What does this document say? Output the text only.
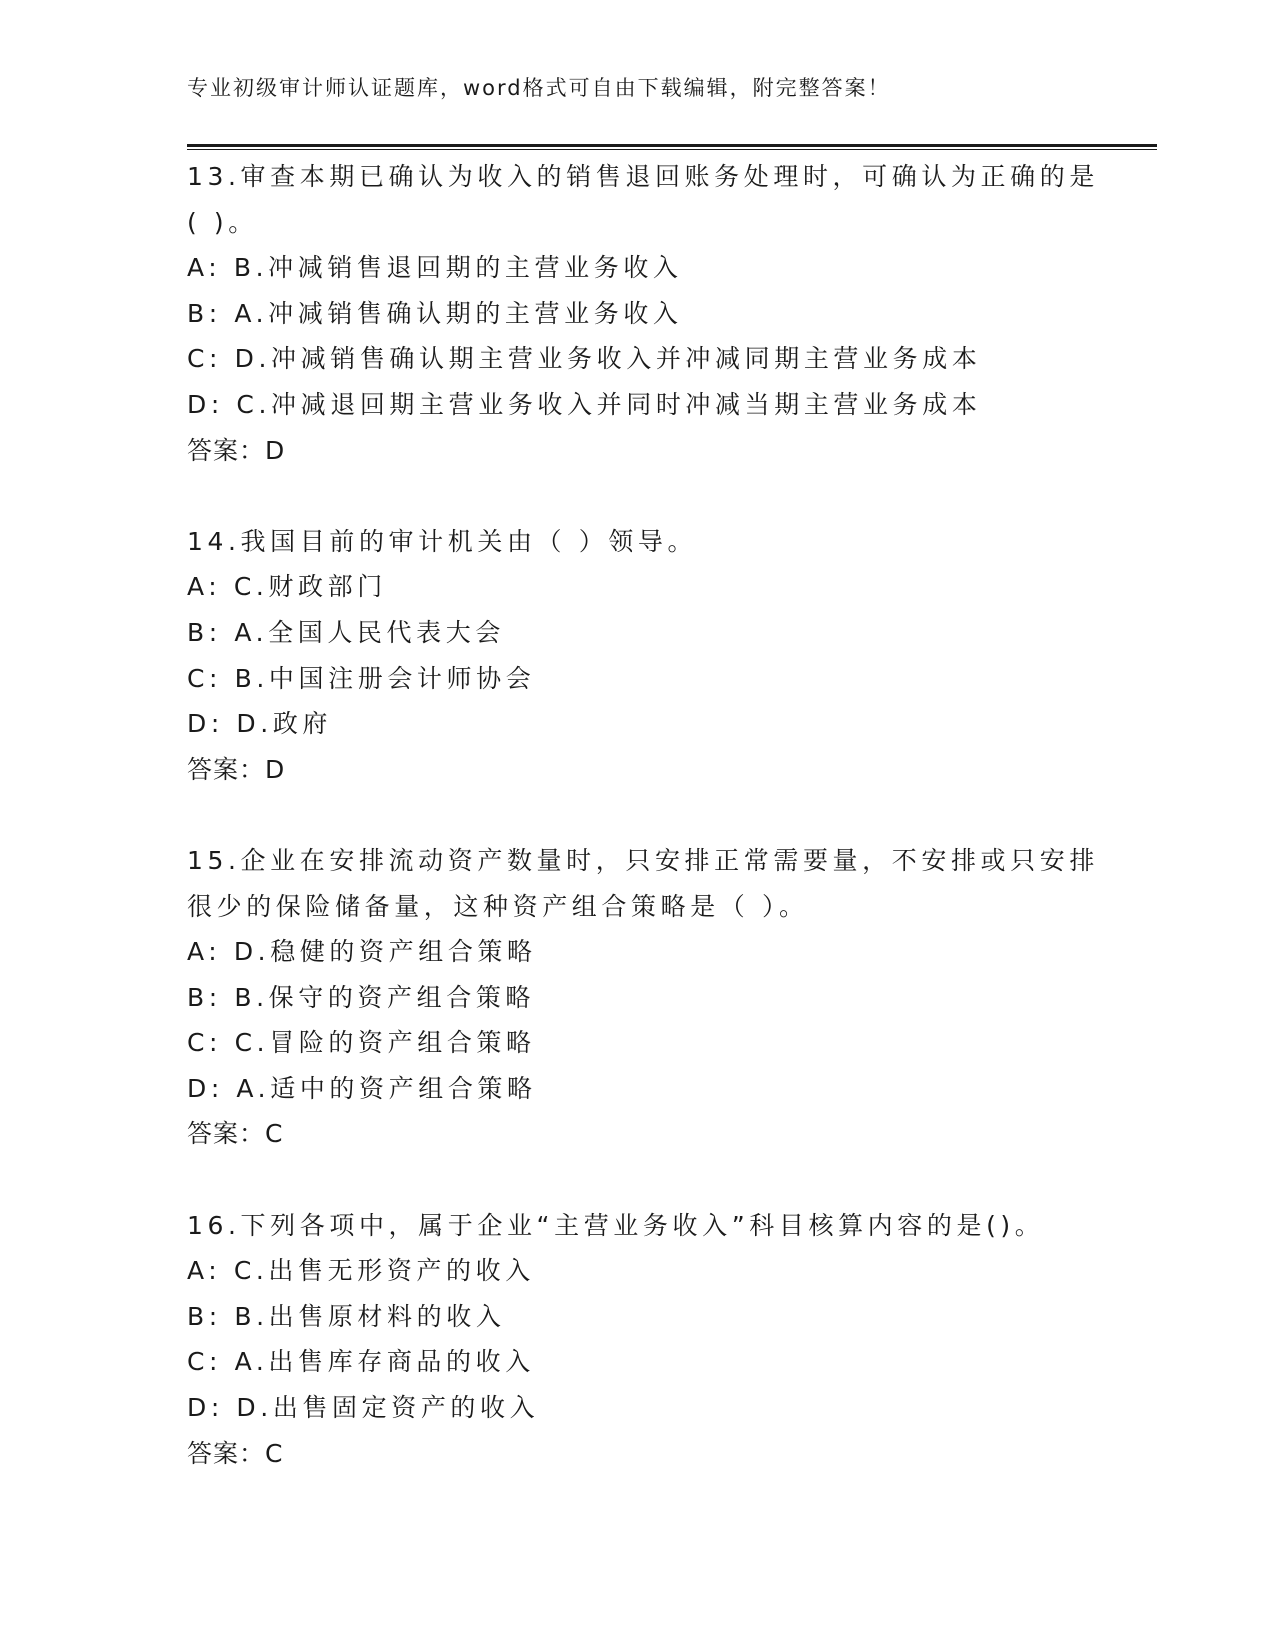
专业初级审计师认证题库，word格式可自由下载编辑，附完整答案！
13.审查本期已确认为收入的销售退回账务处理时，可确认为正确的是
( )。
A: B.冲减销售退回期的主营业务收入
B: A.冲减销售确认期的主营业务收入
C: D.冲减销售确认期主营业务收入并冲减同期主营业务成本
D: C.冲减退回期主营业务收入并同时冲减当期主营业务成本
答案：D
14.我国目前的审计机关由（ ）领导。
A: C.财政部门
B: A.全国人民代表大会
C: B.中国注册会计师协会
D: D.政府
答案：D
15.企业在安排流动资产数量时，只安排正常需要量，不安排或只安排
很少的保险储备量，这种资产组合策略是（ ）。
A: D.稳健的资产组合策略
B: B.保守的资产组合策略
C: C.冒险的资产组合策略
D: A.适中的资产组合策略
答案：C
16.下列各项中，属于企业“主营业务收入”科目核算内容的是()。
A: C.出售无形资产的收入
B: B.出售原材料的收入
C: A.出售库存商品的收入
D: D.出售固定资产的收入
答案：C
